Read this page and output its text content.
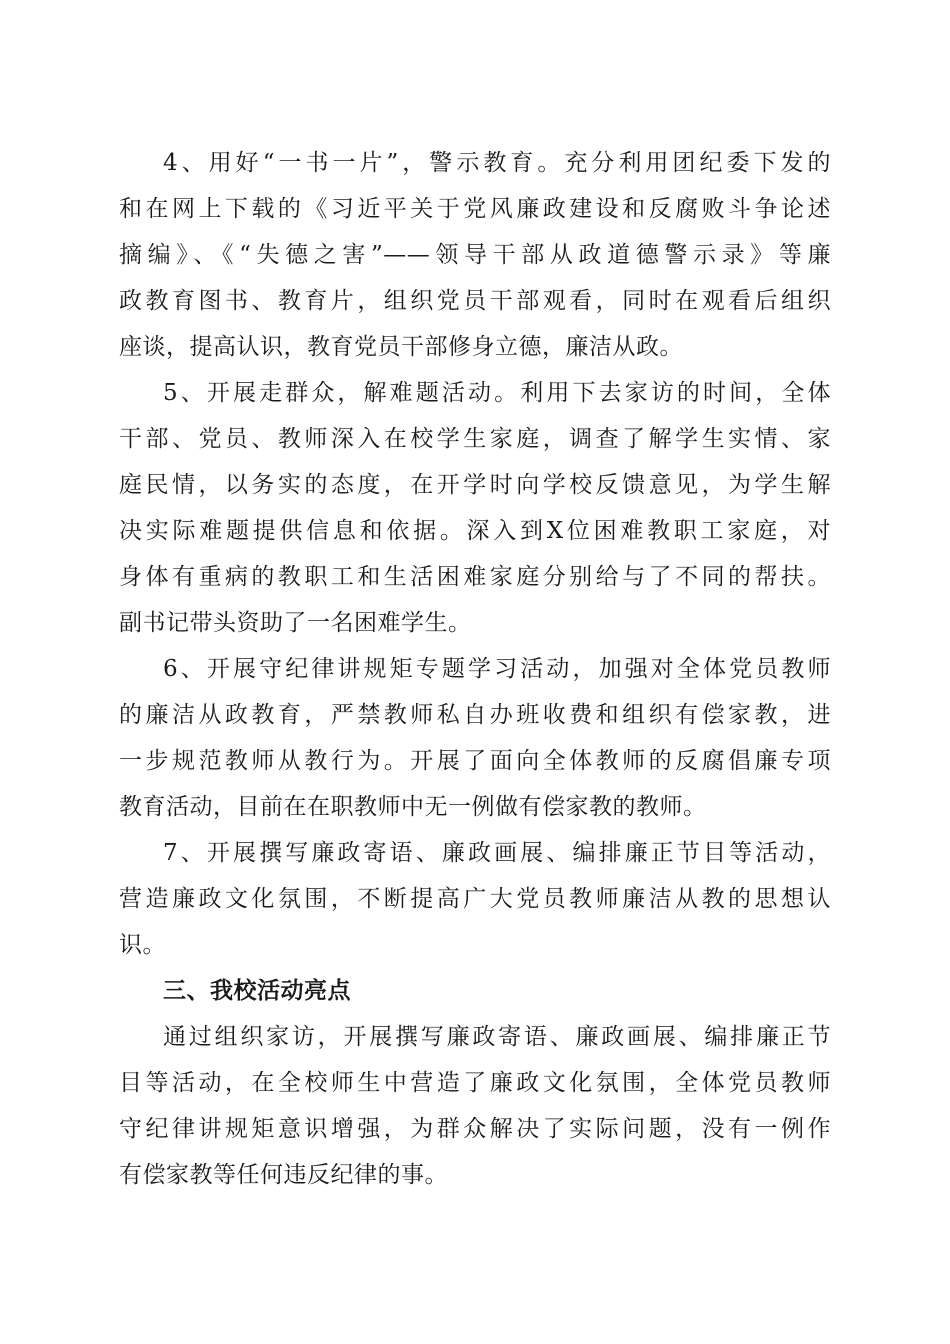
4、用好“一书一片”，警示教育。充分利用团纪委下发的
和在网上下载的《习近平关于党风廉政建设和反腐败斗争论述
摘编》、《“失德之害”——领导干部从政道德警示录》等廉
政教育图书、教育片，组织党员干部观看，同时在观看后组织
座谈，提高认识，教育党员干部修身立德，廉洁从政。
5、开展走群众，解难题活动。利用下去家访的时间，全体
干部、党员、教师深入在校学生家庭，调查了解学生实情、家
庭民情，以务实的态度，在开学时向学校反馈意见，为学生解
决实际难题提供信息和依据。深入到X位困难教职工家庭，对
身体有重病的教职工和生活困难家庭分别给与了不同的帮扶。
副书记带头资助了一名困难学生。
6、开展守纪律讲规矩专题学习活动，加强对全体党员教师
的廉洁从政教育，严禁教师私自办班收费和组织有偿家教，进
一步规范教师从教行为。开展了面向全体教师的反腐倡廉专项
教育活动，目前在在职教师中无一例做有偿家教的教师。
7、开展撰写廉政寄语、廉政画展、编排廉正节目等活动，
营造廉政文化氛围，不断提高广大党员教师廉洁从教的思想认
识。
三、我校活动亮点
通过组织家访，开展撰写廉政寄语、廉政画展、编排廉正节
目等活动，在全校师生中营造了廉政文化氛围，全体党员教师
守纪律讲规矩意识增强，为群众解决了实际问题，没有一例作
有偿家教等任何违反纪律的事。
